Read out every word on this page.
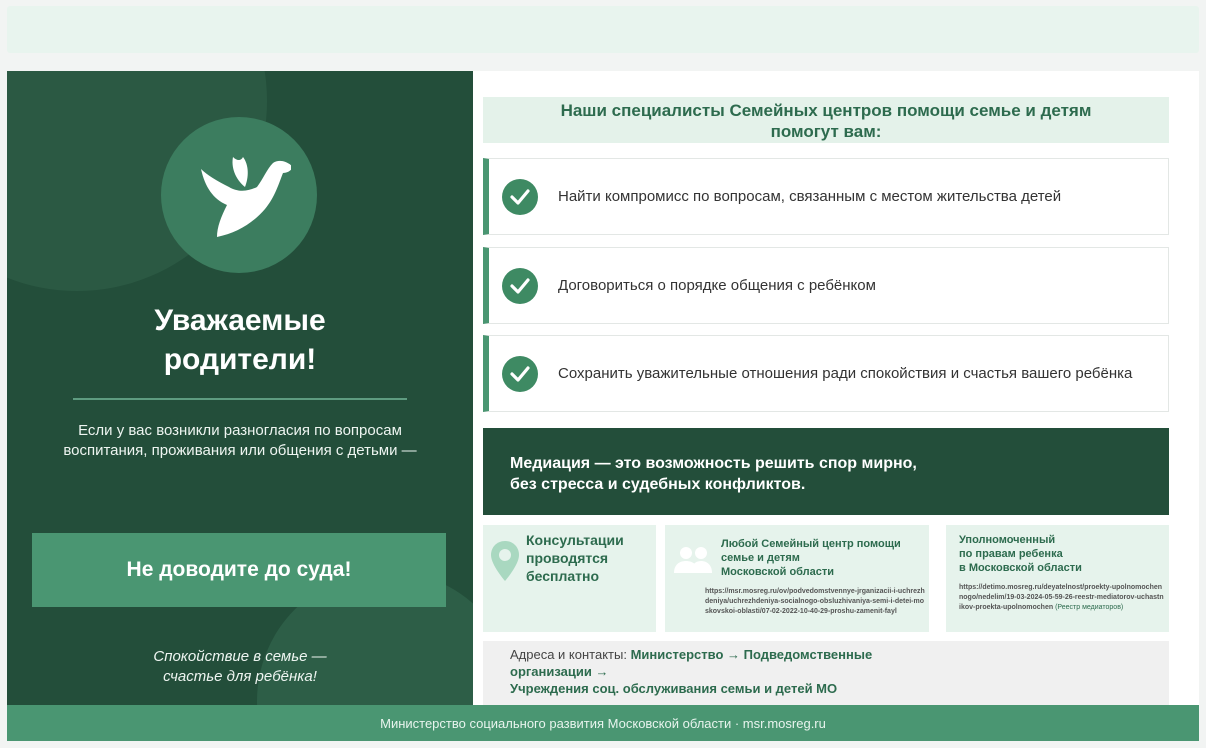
Уважаемые
родители!
Если у вас возникли разногласия по вопросам
воспитания, проживания или общения с детьми —
Не доводите до суда!
Спокойствие в семье —
счастье для ребёнка!
Наши специалисты Семейных центров помощи семье и детям
помогут вам:
Найти компромисс по вопросам, связанным с местом жительства детей
Договориться о порядке общения с ребёнком
Сохранить уважительные отношения ради спокойствия и счастья вашего ребёнка
Медиация — это возможность решить спор мирно,
без стресса и судебных конфликтов.
Консультации
проводятся
бесплатно
Любой Семейный центр помощи
семье и детям
Московской области
https://msr.mosreg.ru/ov/podvedomstvennye-jrganizacii-i-uchrezhdeniya/uchrezhdeniya-socialnogo-obsluzhivaniya-semi-i-detei-moskovskoi-oblasti/07-02-2022-10-40-29-proshu-zamenit-fayl
Уполномоченный
по правам ребенка
в Московской области
https://detimo.mosreg.ru/deyatelnost/proekty-upolnomochennogo/nedelim/19-03-2024-05-59-26-reestr-mediatorov-uchastnikov-proekta-upolnomochen (Реестр медиаторов)
Адреса и контакты: Министерство → Подведомственные
организации →
Учреждения соц. обслуживания семьи и детей МО
Министерство социального развития Московской области · msr.mosreg.ru
